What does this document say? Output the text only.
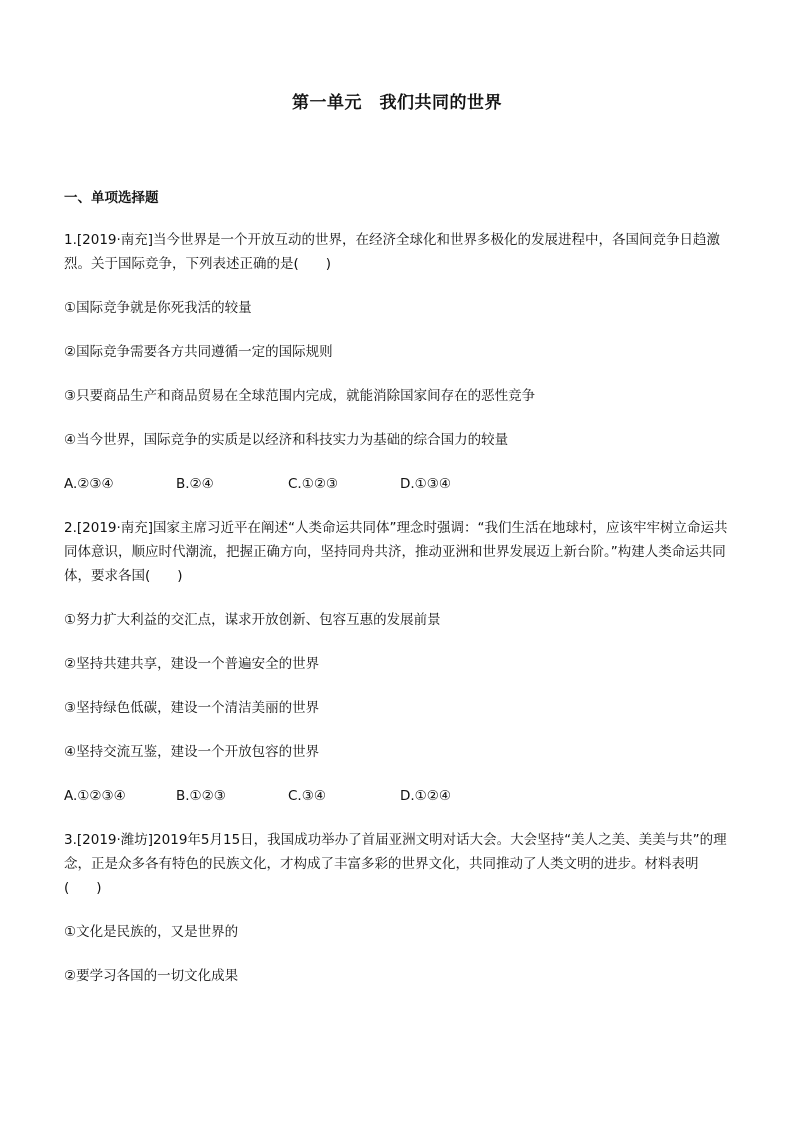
第一单元　我们共同的世界
一、单项选择题
1.[2019·南充]当今世界是一个开放互动的世界，在经济全球化和世界多极化的发展进程中，各国间竞争日趋激烈。关于国际竞争，下列表述正确的是(　　)
①国际竞争就是你死我活的较量
②国际竞争需要各方共同遵循一定的国际规则
③只要商品生产和商品贸易在全球范围内完成，就能消除国家间存在的恶性竞争
④当今世界，国际竞争的实质是以经济和科技实力为基础的综合国力的较量
A.②③④	B.②④	C.①②③	D.①③④
2.[2019·南充]国家主席习近平在阐述“人类命运共同体”理念时强调：“我们生活在地球村，应该牢牢树立命运共同体意识，顺应时代潮流，把握正确方向，坚持同舟共济，推动亚洲和世界发展迈上新台阶。”构建人类命运共同体，要求各国(　　)
①努力扩大利益的交汇点，谋求开放创新、包容互惠的发展前景
②坚持共建共享，建设一个普遍安全的世界
③坚持绿色低碳，建设一个清洁美丽的世界
④坚持交流互鉴，建设一个开放包容的世界
A.①②③④	B.①②③	C.③④	D.①②④
3.[2019·潍坊]2019年5月15日，我国成功举办了首届亚洲文明对话大会。大会坚持“美人之美、美美与共”的理念，正是众多各有特色的民族文化，才构成了丰富多彩的世界文化，共同推动了人类文明的进步。材料表明(　　)
①文化是民族的，又是世界的
②要学习各国的一切文化成果
